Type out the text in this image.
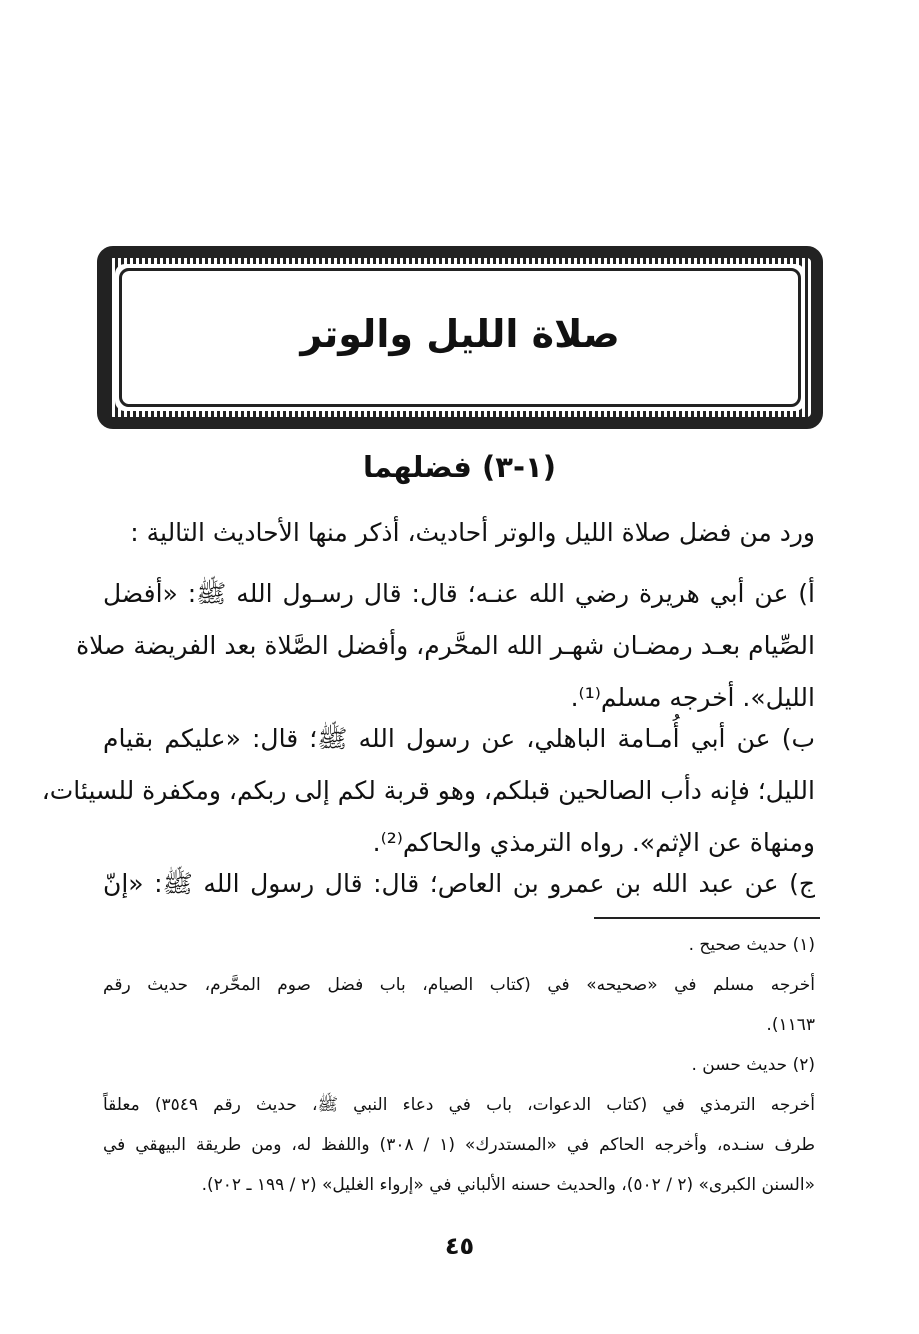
صلاة الليل والوتر
(١-٣) فضلهما
ورد من فضل صلاة الليل والوتر أحاديث، أذكر منها الأحاديث التالية :
أ) عن أبي هريرة رضي الله عنـه؛ قال: قال رسـول الله ﷺ: «أفضل
الصِّيام بعـد رمضـان شهـر الله المحَّرم، وأفضل الصَّلاة بعد الفريضة صلاة
الليل». أخرجه مسلم⁽¹⁾.
ب) عن أبي أُمـامة الباهلي، عن رسول الله ﷺ؛ قال: «عليكم بقيام
الليل؛ فإنه دأب الصالحين قبلكم، وهو قربة لكم إلى ربكم، ومكفرة للسيئات،
ومنهاة عن الإثم». رواه الترمذي والحاكم⁽²⁾.
ج) عن عبد الله بن عمرو بن العاص؛ قال: قال رسول الله ﷺ: «إنّ
(١) حديث صحيح .
أخرجه مسلم في «صحيحه» في (كتاب الصيام، باب فضل صوم المحَّرم، حديث رقم
١١٦٣).
(٢) حديث حسن .
أخرجه الترمذي في (كتاب الدعوات، باب في دعاء النبي ﷺ، حديث رقم ٣٥٤٩) معلقاً
طرف سنـده، وأخرجه الحاكم في «المستدرك» (١ / ٣٠٨) واللفظ له، ومن طريقة البيهقي في
«السنن الكبرى» (٢ / ٥٠٢)، والحديث حسنه الألباني في «إرواء الغليل» (٢ / ١٩٩ ـ ٢٠٢).
٤٥
